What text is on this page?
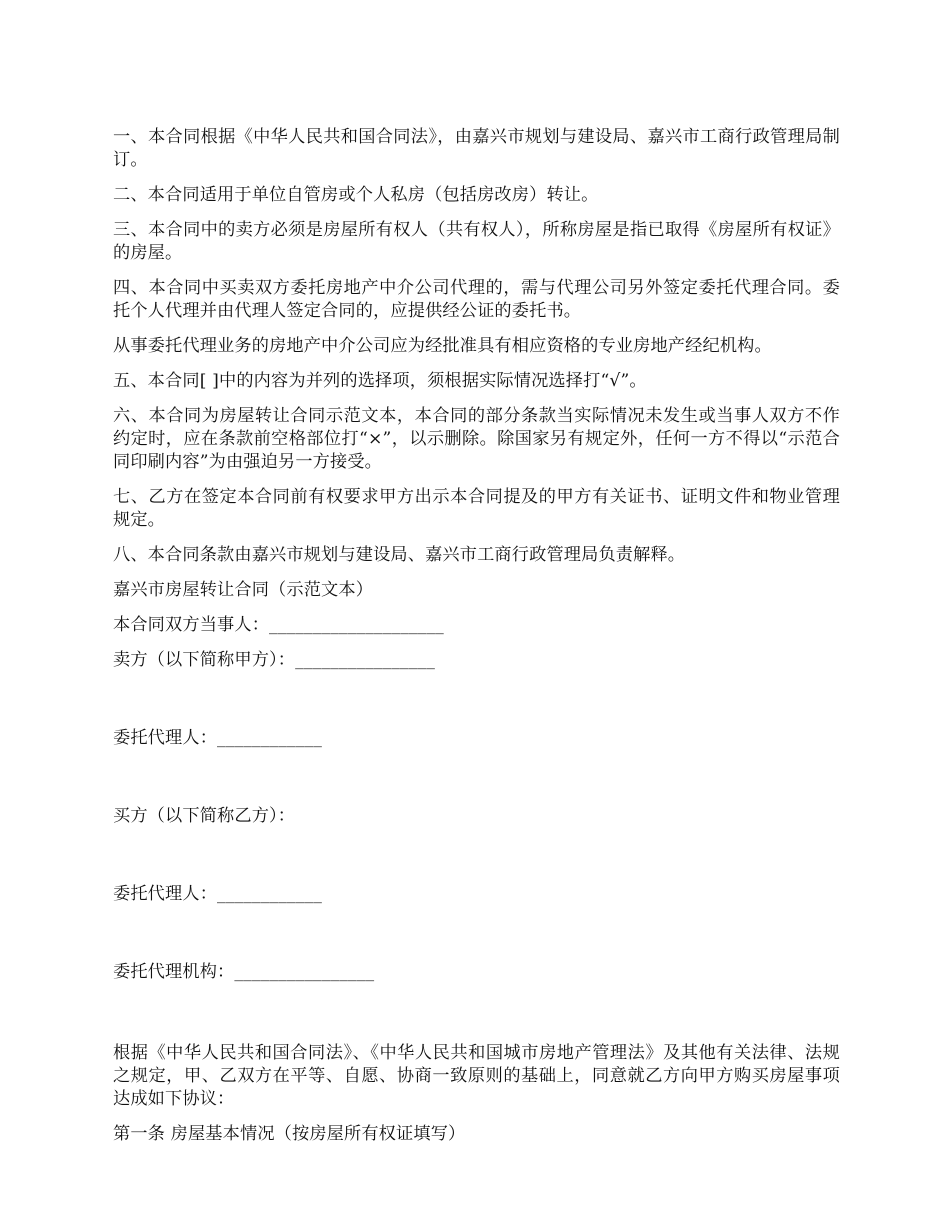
一、本合同根据《中华人民共和国合同法》，由嘉兴市规划与建设局、嘉兴市工商行政管理局制订。

二、本合同适用于单位自管房或个人私房（包括房改房）转让。

三、本合同中的卖方必须是房屋所有权人（共有权人），所称房屋是指已取得《房屋所有权证》的房屋。

四、本合同中买卖双方委托房地产中介公司代理的，需与代理公司另外签定委托代理合同。委托个人代理并由代理人签定合同的，应提供经公证的委托书。

从事委托代理业务的房地产中介公司应为经批准具有相应资格的专业房地产经纪机构。

五、本合同[ ]中的内容为并列的选择项，须根据实际情况选择打“√”。

六、本合同为房屋转让合同示范文本，本合同的部分条款当实际情况未发生或当事人双方不作约定时，应在条款前空格部位打“×”，以示删除。除国家另有规定外，任何一方不得以“示范合同印刷内容”为由强迫另一方接受。

七、乙方在签定本合同前有权要求甲方出示本合同提及的甲方有关证书、证明文件和物业管理规定。

八、本合同条款由嘉兴市规划与建设局、嘉兴市工商行政管理局负责解释。

嘉兴市房屋转让合同（示范文本）

本合同双方当事人：____________________

卖方（以下简称甲方）：________________

委托代理人：____________

买方（以下简称乙方）：

委托代理人：____________

委托代理机构：________________

根据《中华人民共和国合同法》、《中华人民共和国城市房地产管理法》及其他有关法律、法规之规定，甲、乙双方在平等、自愿、协商一致原则的基础上，同意就乙方向甲方购买房屋事项达成如下协议：

第一条 房屋基本情况（按房屋所有权证填写）
